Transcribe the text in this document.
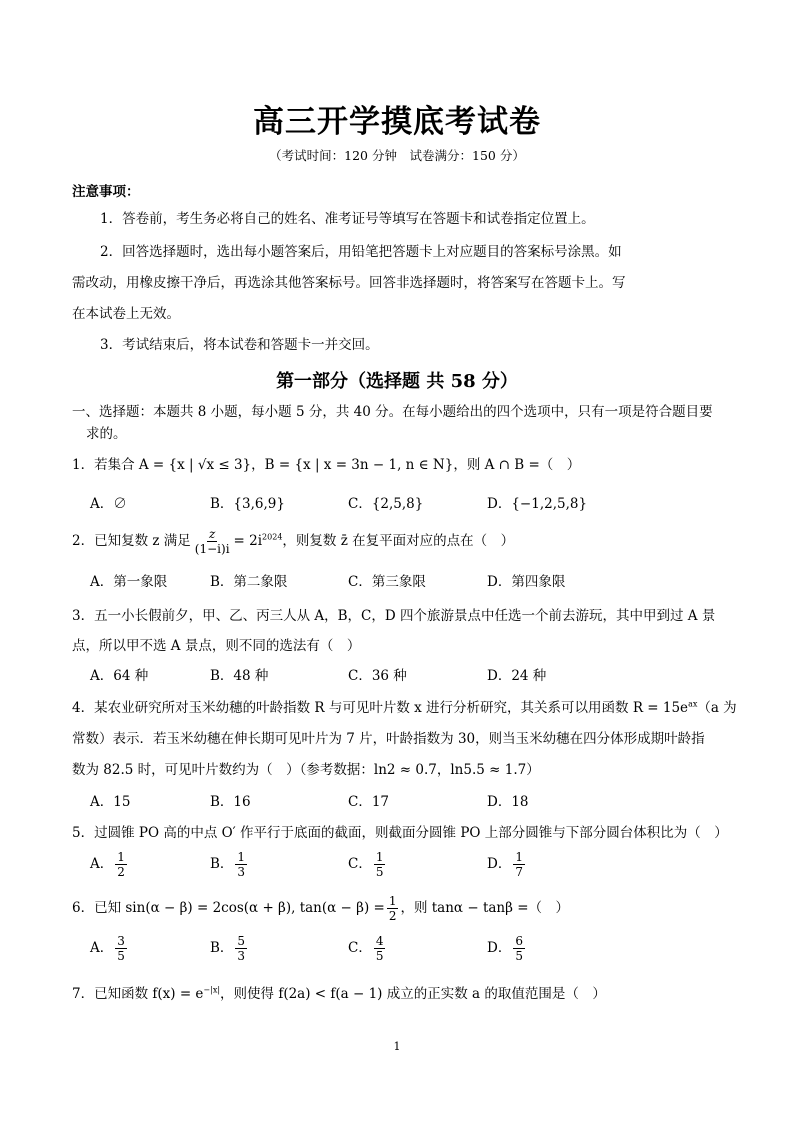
高三开学摸底考试卷
（考试时间：120 分钟　试卷满分：150 分）
注意事项：
1．答卷前，考生务必将自己的姓名、准考证号等填写在答题卡和试卷指定位置上。
2．回答选择题时，选出每小题答案后，用铅笔把答题卡上对应题目的答案标号涂黑。如
需改动，用橡皮擦干净后，再选涂其他答案标号。回答非选择题时，将答案写在答题卡上。写
在本试卷上无效。
3．考试结束后，将本试卷和答题卡一并交回。
第一部分（选择题 共 58 分）
一、选择题：本题共 8 小题，每小题 5 分，共 40 分。在每小题给出的四个选项中，只有一项是符合题目要
求的。
1．若集合 A = {x | √x ≤ 3}，B = {x | x = 3n − 1, n ∈ N}，则 A ∩ B =（　）
A．∅	B．{3,6,9}	C．{2,5,8}	D．{−1,2,5,8}
2．已知复数 z 满足 $\frac{z}{(1-i)i} = 2i^{2024}$，则复数 z̄ 在复平面对应的点在（　）
A．第一象限	B．第二象限	C．第三象限	D．第四象限
3．五一小长假前夕，甲、乙、丙三人从 A，B，C，D 四个旅游景点中任选一个前去游玩，其中甲到过 A 景
点，所以甲不选 A 景点，则不同的选法有（　）
A．64 种	B．48 种	C．36 种	D．24 种
4．某农业研究所对玉米幼穗的叶龄指数 R 与可见叶片数 x 进行分析研究，其关系可以用函数 $R = 15e^{ax}(a$ 为
常数）表示．若玉米幼穗在伸长期可见叶片为 7 片，叶龄指数为 30，则当玉米幼穗在四分体形成期叶龄指
数为 82.5 时，可见叶片数约为（　）（参考数据：ln2 ≈ 0.7，ln5.5 ≈ 1.7）
A．15	B．16	C．17	D．18
5．过圆锥 PO 高的中点 O′ 作平行于底面的截面，则截面分圆锥 PO 上部分圆锥与下部分圆台体积比为（　）
A． $\frac{1}{2}$	B． $\frac{1}{3}$	C． $\frac{1}{5}$	D． $\frac{1}{7}$
6．已知 sin(α − β) = 2cos(α + β), $\tan(\alpha - \beta) = \frac{1}{2}$ ，则 tanα − tanβ =（　）
A． $\frac{3}{5}$	B． $\frac{5}{3}$	C． $\frac{4}{5}$	D． $\frac{6}{5}$
7．已知函数 $f(x) = e^{-|x|}$，则使得 f(2a) < f(a − 1) 成立的正实数 a 的取值范围是（　）
1
